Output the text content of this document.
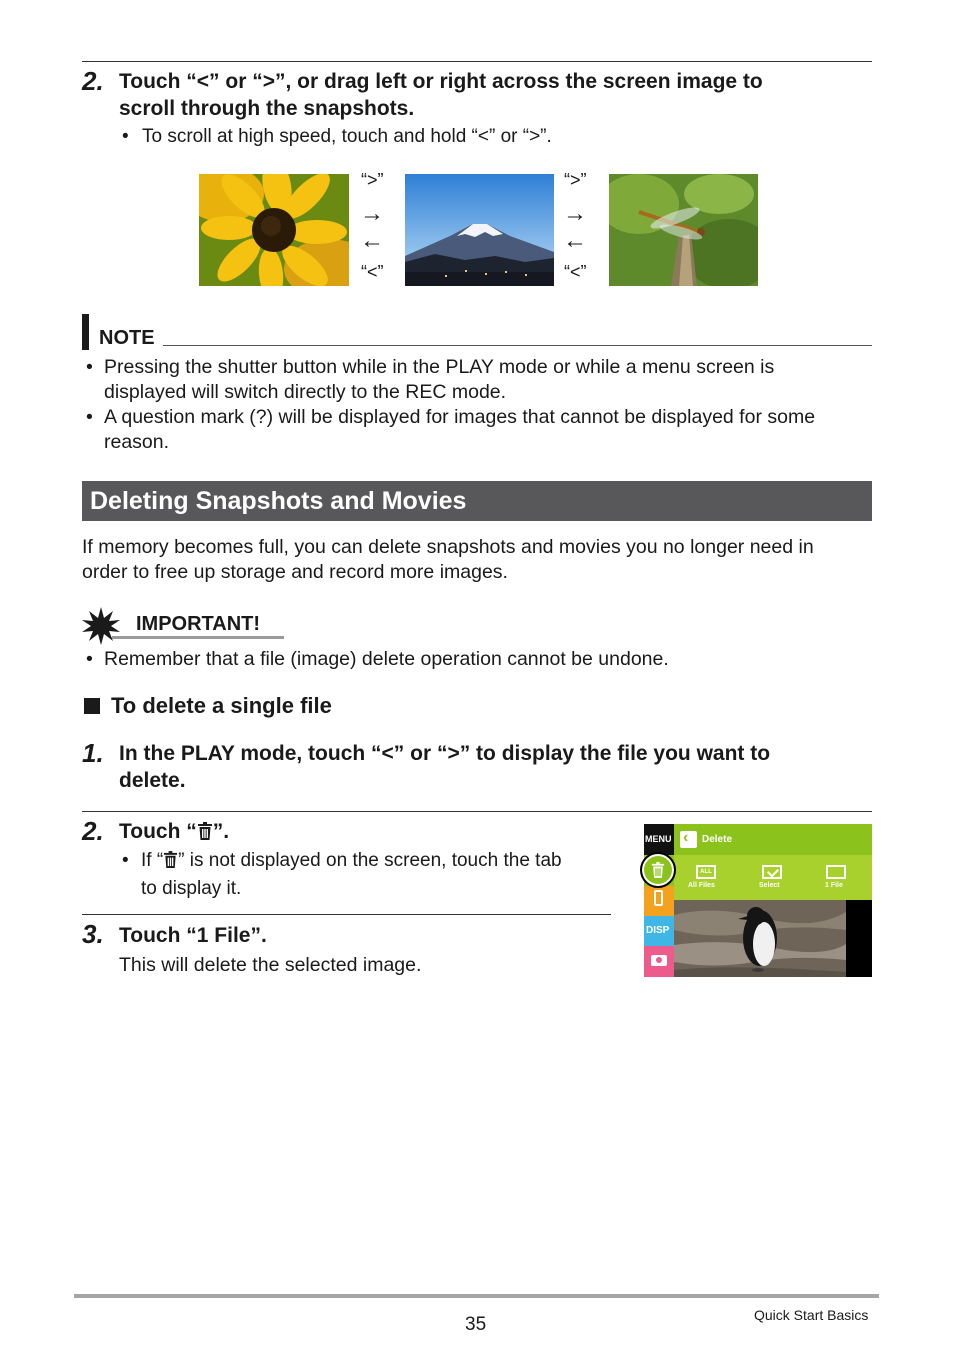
2. Touch “<” or “>”, or drag left or right across the screen image to
scroll through the snapshots.
• To scroll at high speed, touch and hold “<” or “>”.
“>”
→
←
“<”
“>”
→
←
“<”
NOTE
• Pressing the shutter button while in the PLAY mode or while a menu screen is
displayed will switch directly to the REC mode.
• A question mark (?) will be displayed for images that cannot be displayed for some
reason.
Deleting Snapshots and Movies
If memory becomes full, you can delete snapshots and movies you no longer need in
order to free up storage and record more images.
IMPORTANT!
• Remember that a file (image) delete operation cannot be undone.
To delete a single file
1. In the PLAY mode, touch “<” or “>” to display the file you want to
delete.
2. Touch “ ”.
• If “ ” is not displayed on the screen, touch the tab
to display it.
3. Touch “1 File”.
This will delete the selected image.
MENU
DISP
‹ Delete
ALL
All Files	Select	1 File
35	Quick Start Basics
